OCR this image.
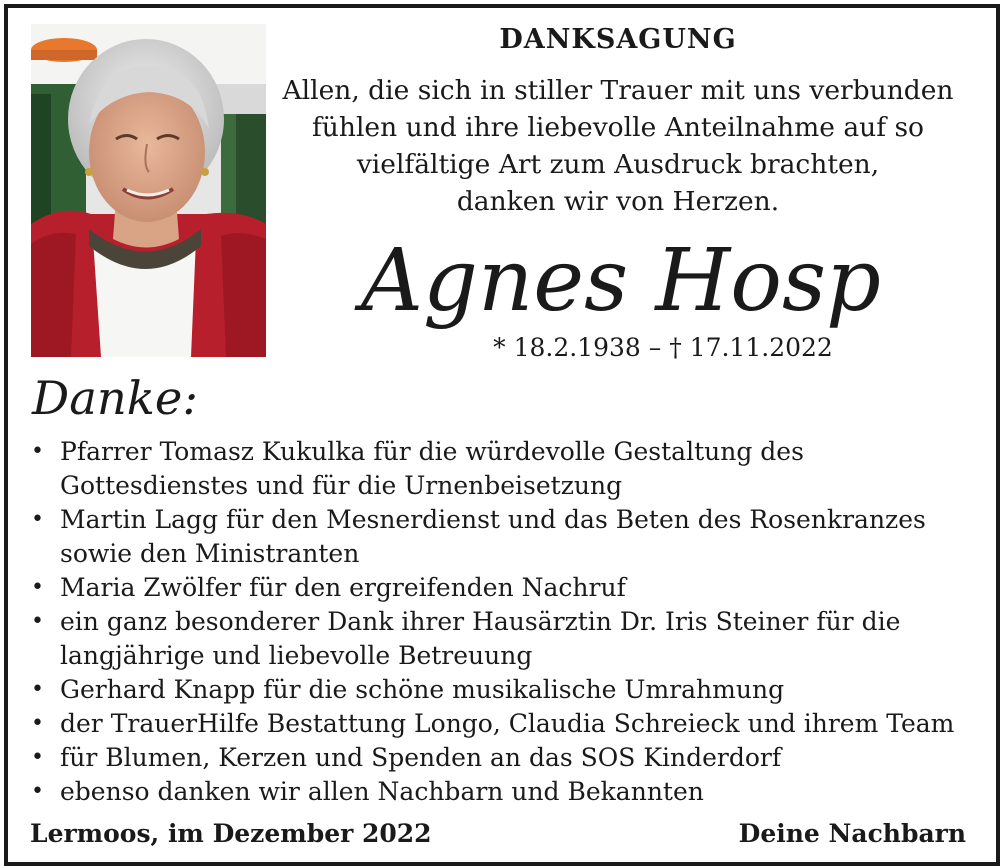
DANKSAGUNG
Allen, die sich in stiller Trauer mit uns verbunden
fühlen und ihre liebevolle Anteilnahme auf so
vielfältige Art zum Ausdruck brachten,
danken wir von Herzen.
Agnes Hosp
* 18.2.1938 – † 17.11.2022
Danke:
• Pfarrer Tomasz Kukulka für die würdevolle Gestaltung des
Gottesdienstes und für die Urnenbeisetzung
• Martin Lagg für den Mesnerdienst und das Beten des Rosenkranzes
sowie den Ministranten
• Maria Zwölfer für den ergreifenden Nachruf
• ein ganz besonderer Dank ihrer Hausärztin Dr. Iris Steiner für die
langjährige und liebevolle Betreuung
• Gerhard Knapp für die schöne musikalische Umrahmung
• der TrauerHilfe Bestattung Longo, Claudia Schreieck und ihrem Team
• für Blumen, Kerzen und Spenden an das SOS Kinderdorf
• ebenso danken wir allen Nachbarn und Bekannten
Lermoos, im Dezember 2022	Deine Nachbarn
